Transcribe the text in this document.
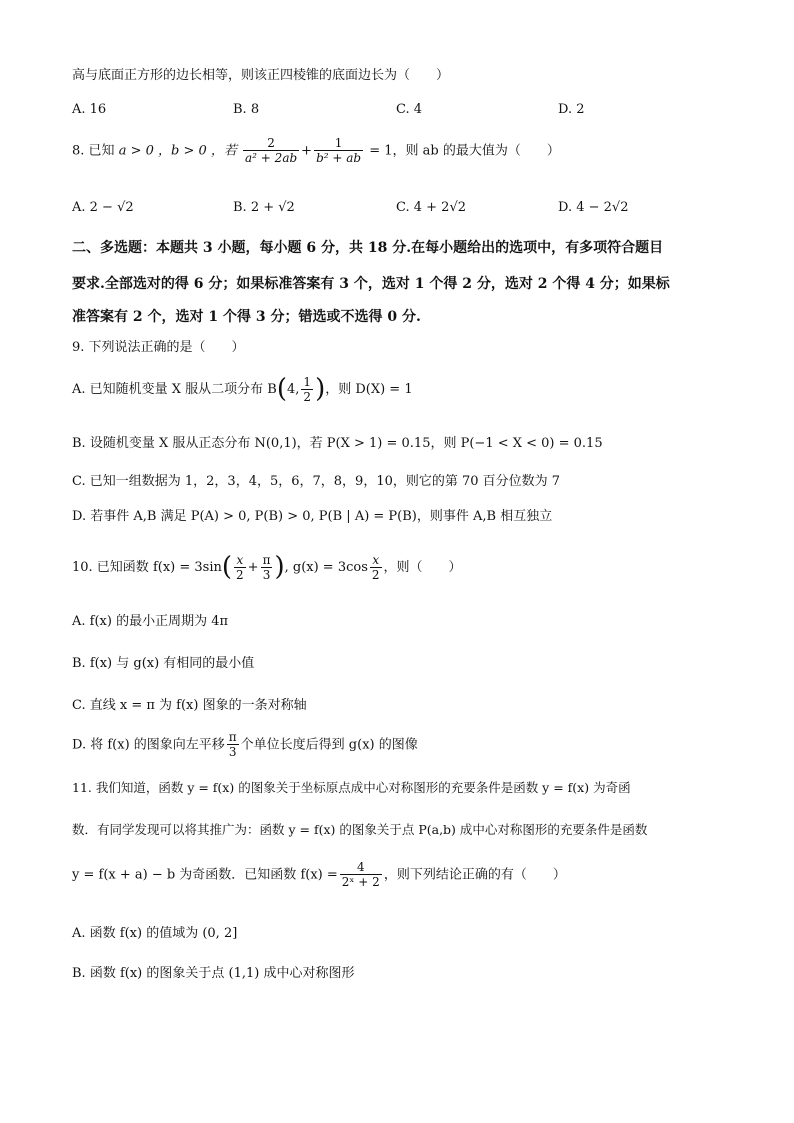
高与底面正方形的边长相等，则该正四棱锥的底面边长为（　　）
A. 16	B. 8	C. 4	D. 2
8. 已知 a > 0 ，b > 0 ，若 $\frac{2}{\text{a² + 2ab}} + \frac{1}{\text{b² + ab}} = 1$，则 ab 的最大值为（　　）
A. 2 − √2	B. 2 + √2	C. 4 + 2√2	D. 4 − 2√2
二、多选题：本题共 3 小题，每小题 6 分，共 18 分.在每小题给出的选项中，有多项符合题目
要求.全部选对的得 6 分；如果标准答案有 3 个，选对 1 个得 2 分，选对 2 个得 4 分；如果标
准答案有 2 个，选对 1 个得 3 分；错选或不选得 0 分.
9. 下列说法正确的是（　　）
A. 已知随机变量 X 服从二项分布 B(4, $\frac{1}{2}$ )，则 D(X) = 1
B. 设随机变量 X 服从正态分布 N(0,1)，若 P(X > 1) = 0.15，则 P(−1 < X < 0) = 0.15
C. 已知一组数据为 1，2，3，4，5，6，7，8，9，10，则它的第 70 百分位数为 7
D. 若事件 A,B 满足 P(A) > 0, P(B) > 0, P(B | A) = P(B)，则事件 A,B 相互独立
10. 已知函数 $f(x) = 3\sin( \frac{x}{2} + \frac{\pi}{3}$ ), $g(x) = 3\cos \frac{x}{2}$ ，则（　　）
A. f(x) 的最小正周期为 4π
B. f(x) 与 g(x) 有相同的最小值
C. 直线 x = π 为 f(x) 图象的一条对称轴
D. 将 f(x) 的图象向左平移 $\frac{\pi}{3}$ 个单位长度后得到 g(x) 的图像
11. 我们知道，函数 y = f(x) 的图象关于坐标原点成中心对称图形的充要条件是函数 y = f(x) 为奇函
数．有同学发现可以将其推广为：函数 y = f(x) 的图象关于点 P(a,b) 成中心对称图形的充要条件是函数
y = f(x + a) − b 为奇函数．已知函数 $f(x) = \frac{4}{\text{2ˣ + 2}}$ ，则下列结论正确的有（　　）
A. 函数 f(x) 的值域为 (0, 2]
B. 函数 f(x) 的图象关于点 (1,1) 成中心对称图形
